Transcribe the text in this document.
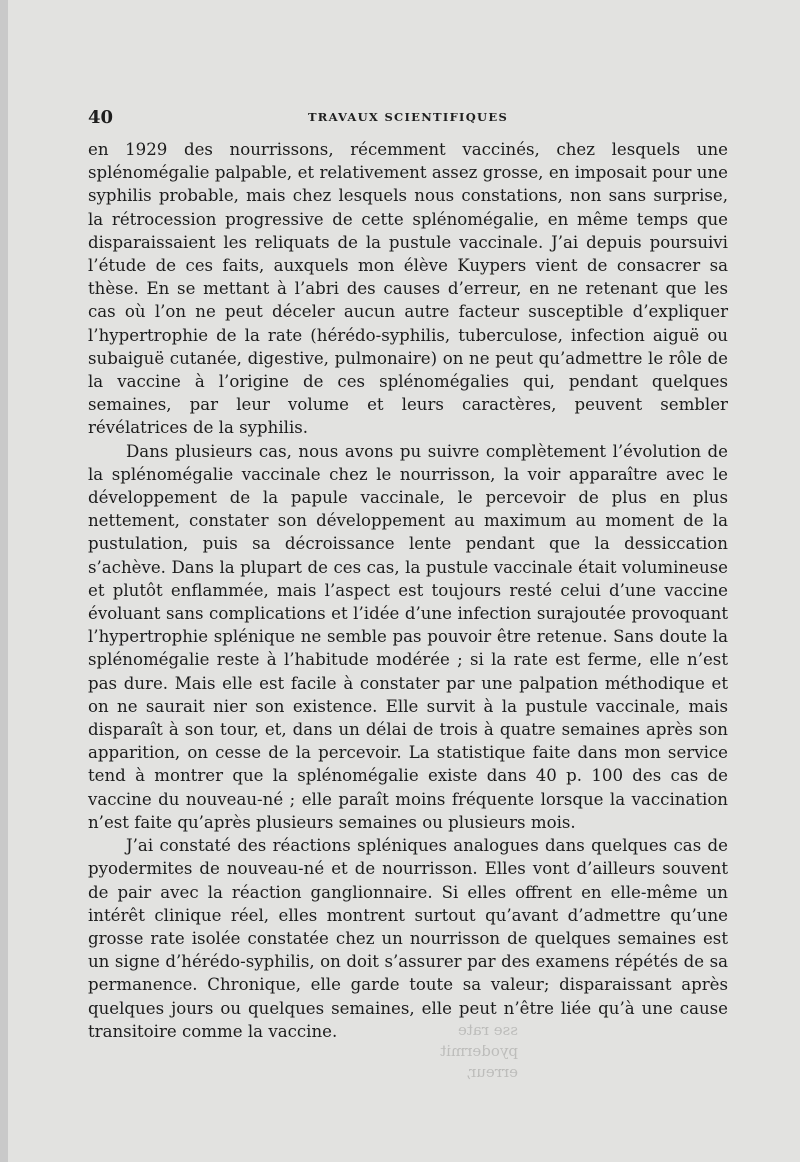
40	TRAVAUX SCIENTIFIQUES

en 1929 des nourrissons, récemment vaccinés, chez lesquels une splénomégalie palpable, et relativement assez grosse, en imposait pour une syphilis probable, mais chez lesquels nous constations, non sans surprise, la rétrocession progressive de cette splénomégalie, en même temps que disparaissaient les reliquats de la pustule vaccinale. J’ai depuis poursuivi l’étude de ces faits, auxquels mon élève Kuypers vient de consacrer sa thèse. En se mettant à l’abri des causes d’erreur, en ne retenant que les cas où l’on ne peut déceler aucun autre facteur susceptible d’expliquer l’hypertrophie de la rate (hérédo-syphilis, tuberculose, infection aiguë ou subaiguë cutanée, digestive, pulmonaire) on ne peut qu’admettre le rôle de la vaccine à l’origine de ces splénomégalies qui, pendant quelques semaines, par leur volume et leurs caractères, peuvent sembler révélatrices de la syphilis.

Dans plusieurs cas, nous avons pu suivre complètement l’évolution de la splénomégalie vaccinale chez le nourrisson, la voir apparaître avec le développement de la papule vaccinale, le percevoir de plus en plus nettement, constater son développement au maximum au moment de la pustulation, puis sa décroissance lente pendant que la dessiccation s’achève. Dans la plupart de ces cas, la pustule vaccinale était volumineuse et plutôt enflammée, mais l’aspect est toujours resté celui d’une vaccine évoluant sans complications et l’idée d’une infection surajoutée provoquant l’hypertrophie splénique ne semble pas pouvoir être retenue. Sans doute la splénomégalie reste à l’habitude modérée ; si la rate est ferme, elle n’est pas dure. Mais elle est facile à constater par une palpation méthodique et on ne saurait nier son existence. Elle survit à la pustule vaccinale, mais disparaît à son tour, et, dans un délai de trois à quatre semaines après son apparition, on cesse de la percevoir. La statistique faite dans mon service tend à montrer que la splénomégalie existe dans 40 p. 100 des cas de vaccine du nouveau-né ; elle paraît moins fréquente lorsque la vaccination n’est faite qu’après plusieurs semaines ou plusieurs mois.

J’ai constaté des réactions spléniques analogues dans quelques cas de pyodermites de nouveau-né et de nourrisson. Elles vont d’ailleurs souvent de pair avec la réaction ganglionnaire. Si elles offrent en elle-même un intérêt clinique réel, elles montrent surtout qu’avant d’admettre qu’une grosse rate isolée constatée chez un nourrisson de quelques semaines est un signe d’hérédo-syphilis, on doit s’assurer par des examens répétés de sa permanence. Chronique, elle garde toute sa valeur; disparaissant après quelques jours ou quelques semaines, elle peut n’être liée qu’à une cause transitoire comme la vaccine.	sse rate
pyodermit
erreur,
